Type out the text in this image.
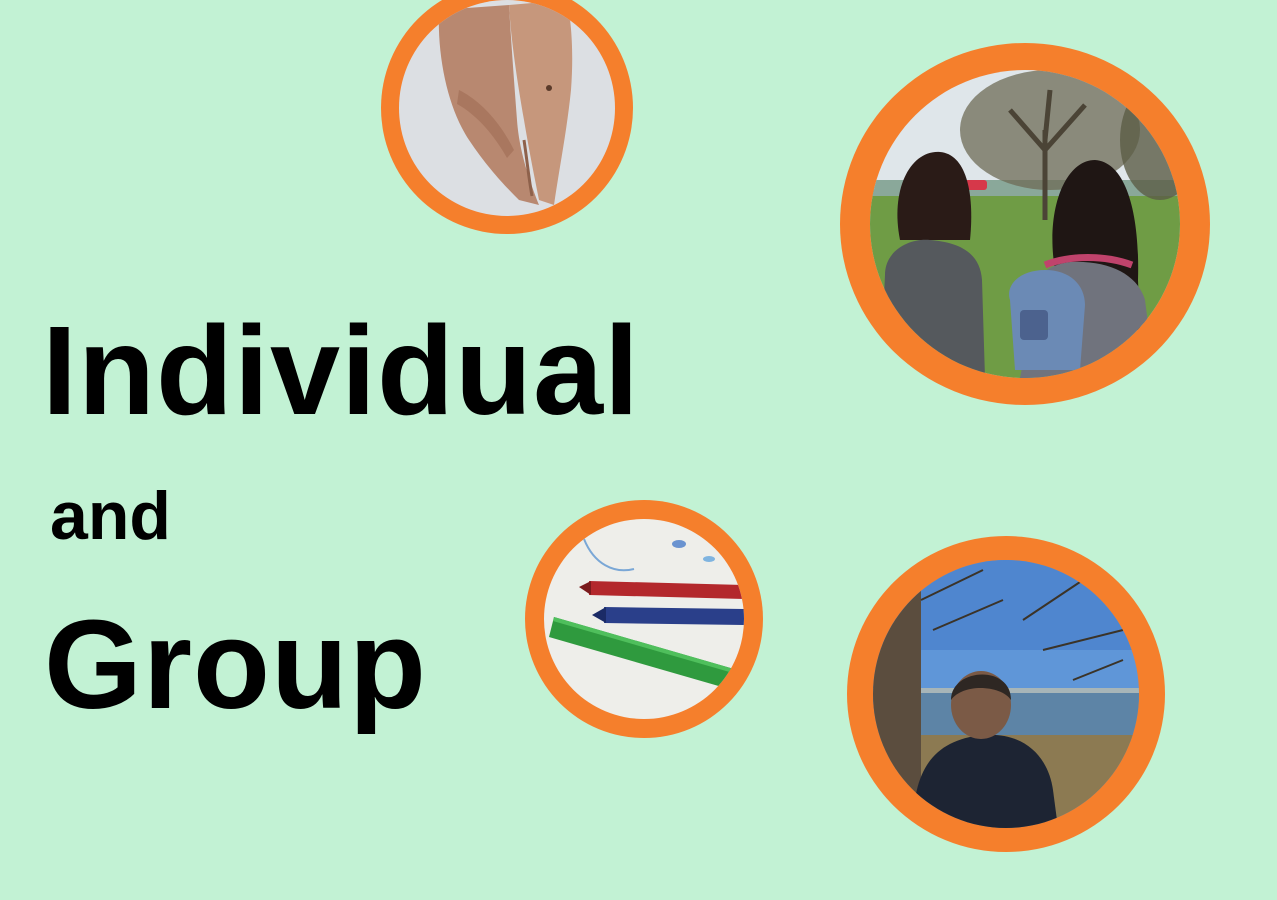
Individual
and
Group
